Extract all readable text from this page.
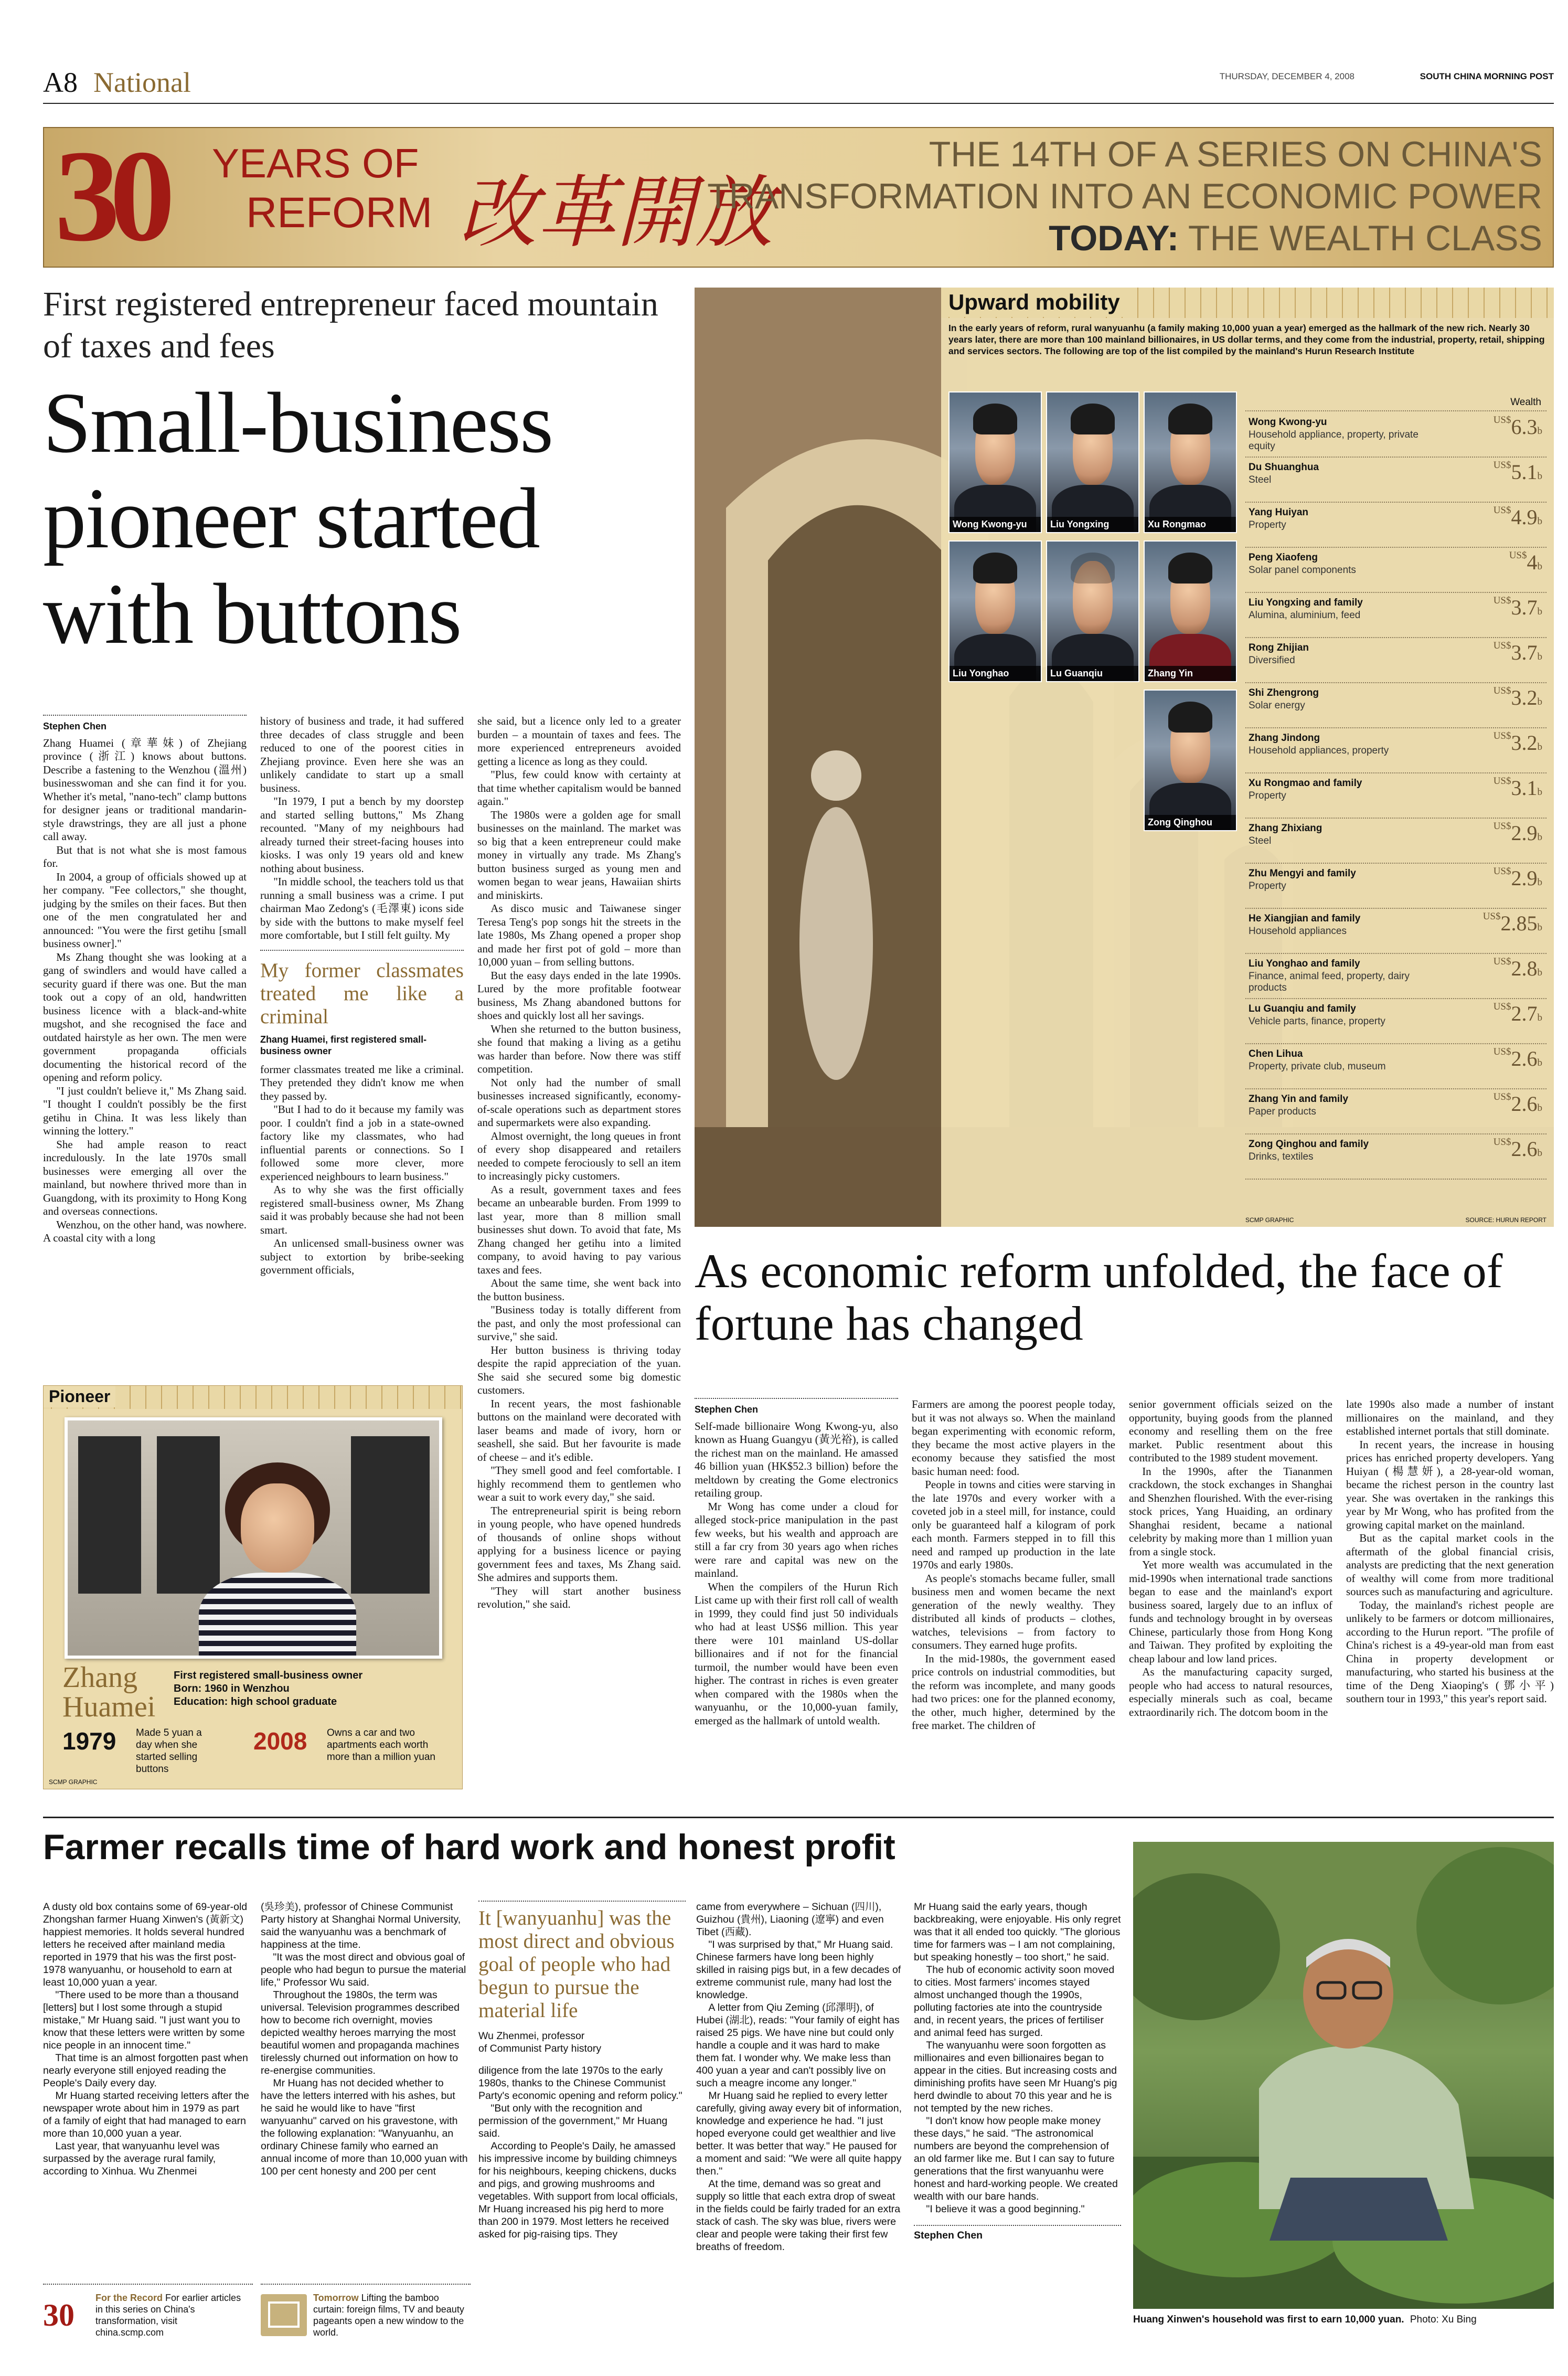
A8 National	THURSDAY, DECEMBER 4, 2008	SOUTH CHINA MORNING POST
30 YEARS OF
REFORM 改革開放
THE 14TH OF A SERIES ON CHINA'S
TRANSFORMATION INTO AN ECONOMIC POWER
TODAY: THE WEALTH CLASS
First registered entrepreneur faced mountain of taxes and fees
Small-business pioneer started with buttons
Stephen Chen

Zhang Huamei (章華妹) of Zhejiang province (浙江) knows about buttons. Describe a fastening to the Wenzhou (溫州) businesswoman and she can find it for you. Whether it's metal, "nano-tech" clamp buttons for designer jeans or traditional mandarin-style drawstrings, they are all just a phone call away.

But that is not what she is most famous for.

In 2004, a group of officials showed up at her company. "Fee collectors," she thought, judging by the smiles on their faces. But then one of the men congratulated her and announced: "You were the first getihu [small business owner]."

Ms Zhang thought she was looking at a gang of swindlers and would have called a security guard if there was one. But the man took out a copy of an old, handwritten business licence with a black-and-white mugshot, and she recognised the face and outdated hairstyle as her own. The men were government propaganda officials documenting the historical record of the opening and reform policy.

"I just couldn't believe it," Ms Zhang said. "I thought I couldn't possibly be the first getihu in China. It was less likely than winning the lottery."

She had ample reason to react incredulously. In the late 1970s small businesses were emerging all over the mainland, but nowhere thrived more than in Guangdong, with its proximity to Hong Kong and overseas connections.

Wenzhou, on the other hand, was nowhere. A coastal city with a long

history of business and trade, it had suffered three decades of class struggle and been reduced to one of the poorest cities in Zhejiang province. Even here she was an unlikely candidate to start up a small business.

"In 1979, I put a bench by my doorstep and started selling buttons," Ms Zhang recounted. "Many of my neighbours had already turned their street-facing houses into kiosks. I was only 19 years old and knew nothing about business.

"In middle school, the teachers told us that running a small business was a crime. I put chairman Mao Zedong's (毛澤東) icons side by side with the buttons to make myself feel more comfortable, but I still felt guilty. My

My former classmates treated me like a criminal
Zhang Huamei, first registered small-business owner

former classmates treated me like a criminal. They pretended they didn't know me when they passed by.

"But I had to do it because my family was poor. I couldn't find a job in a state-owned factory like my classmates, who had influential parents or connections. So I followed some more clever, more experienced neighbours to learn business."

As to why she was the first officially registered small-business owner, Ms Zhang said it was probably because she had not been smart.

An unlicensed small-business owner was subject to extortion by bribe-seeking government officials,

she said, but a licence only led to a greater burden – a mountain of taxes and fees. The more experienced entrepreneurs avoided getting a licence as long as they could.

"Plus, few could know with certainty at that time whether capitalism would be banned again."

The 1980s were a golden age for small businesses on the mainland. The market was so big that a keen entrepreneur could make money in virtually any trade. Ms Zhang's button business surged as young men and women began to wear jeans, Hawaiian shirts and miniskirts.

As disco music and Taiwanese singer Teresa Teng's pop songs hit the streets in the late 1980s, Ms Zhang opened a proper shop and made her first pot of gold – more than 10,000 yuan – from selling buttons.

But the easy days ended in the late 1990s. Lured by the more profitable footwear business, Ms Zhang abandoned buttons for shoes and quickly lost all her savings.

When she returned to the button business, she found that making a living as a getihu was harder than before. Now there was stiff competition.

Not only had the number of small businesses increased significantly, economy-of-scale operations such as department stores and supermarkets were also expanding.

Almost overnight, the long queues in front of every shop disappeared and retailers needed to compete ferociously to sell an item to increasingly picky customers.

As a result, government taxes and fees became an unbearable burden. From 1999 to last year, more than 8 million small businesses shut down. To avoid that fate, Ms Zhang changed her getihu into a limited company, to avoid having to pay various taxes and fees.

About the same time, she went back into the button business.

"Business today is totally different from the past, and only the most professional can survive," she said.

Her button business is thriving today despite the rapid appreciation of the yuan. She said she secured some big domestic customers.

In recent years, the most fashionable buttons on the mainland were decorated with laser beams and made of ivory, horn or seashell, she said. But her favourite is made of cheese – and it's edible.

"They smell good and feel comfortable. I highly recommend them to gentlemen who wear a suit to work every day," she said.

The entrepreneurial spirit is being reborn in young people, who have opened hundreds of thousands of online shops without applying for a business licence or paying government fees and taxes, Ms Zhang said. She admires and supports them.

"They will start another business revolution," she said.

Pioneer
Zhang
Huamei
First registered small-business owner
Born: 1960 in Wenzhou
Education: high school graduate
1979 Made 5 yuan a day when she started selling buttons
2008 Owns a car and two apartments each worth more than a million yuan
SCMP GRAPHIC
Upward mobility
In the early years of reform, rural wanyuanhu (a family making 10,000 yuan a year) emerged as the hallmark of the new rich. Nearly 30 years later, there are more than 100 mainland billionaires, in US dollar terms, and they come from the industrial, property, retail, shipping and services sectors. The following are top of the list compiled by the mainland's Hurun Research Institute
Wong Kwong-yu	Liu Yongxing	Xu Rongmao
Liu Yonghao	Lu Guanqiu	Zhang Yin
Zong Qinghou
Wealth
Wong Kwong-yu
Household appliance, property, private equity
$^{US\$}$6.3b
Du Shuanghua
Steel
$^{US\$}$5.1b
Yang Huiyan
Property
$^{US\$}$4.9b
Peng Xiaofeng
Solar panel components
$^{US\$}$4b
Liu Yongxing and family
Alumina, aluminium, feed
$^{US\$}$3.7b
Rong Zhijian
Diversified
$^{US\$}$3.7b
Shi Zhengrong
Solar energy
$^{US\$}$3.2b
Zhang Jindong
Household appliances, property
$^{US\$}$3.2b
Xu Rongmao and family
Property
$^{US\$}$3.1b
Zhang Zhixiang
Steel
$^{US\$}$2.9b
Zhu Mengyi and family
Property
$^{US\$}$2.9b
He Xiangjian and family
Household appliances
$^{US\$}$2.85b
Liu Yonghao and family
Finance, animal feed, property, dairy products
$^{US\$}$2.8b
Lu Guanqiu and family
Vehicle parts, finance, property
$^{US\$}$2.7b
Chen Lihua
Property, private club, museum
$^{US\$}$2.6b
Zhang Yin and family
Paper products
$^{US\$}$2.6b
Zong Qinghou and family
Drinks, textiles
$^{US\$}$2.6b
SCMP GRAPHIC	SOURCE: HURUN REPORT
As economic reform unfolded, the face of fortune has changed
Stephen Chen

Self-made billionaire Wong Kwong-yu, also known as Huang Guangyu (黃光裕), is called the richest man on the mainland. He amassed 46 billion yuan (HK$52.3 billion) before the meltdown by creating the Gome electronics retailing group.

Mr Wong has come under a cloud for alleged stock-price manipulation in the past few weeks, but his wealth and approach are still a far cry from 30 years ago when riches were rare and capital was new on the mainland.

When the compilers of the Hurun Rich List came up with their first roll call of wealth in 1999, they could find just 50 individuals who had at least US$6 million. This year there were 101 mainland US-dollar billionaires and if not for the financial turmoil, the number would have been even higher. The contrast in riches is even greater when compared with the 1980s when the wanyuanhu, or the 10,000-yuan family, emerged as the hallmark of untold wealth.

Farmers are among the poorest people today, but it was not always so. When the mainland began experimenting with economic reform, they became the most active players in the economy because they satisfied the most basic human need: food.

People in towns and cities were starving in the late 1970s and every worker with a coveted job in a steel mill, for instance, could only be guaranteed half a kilogram of pork each month. Farmers stepped in to fill this need and ramped up production in the late 1970s and early 1980s.

As people's stomachs became fuller, small business men and women became the next generation of the newly wealthy. They distributed all kinds of products – clothes, watches, televisions – from factory to consumers. They earned huge profits.

In the mid-1980s, the government eased price controls on industrial commodities, but the reform was incomplete, and many goods had two prices: one for the planned economy, the other, much higher, determined by the free market. The children of

senior government officials seized on the opportunity, buying goods from the planned economy and reselling them on the free market. Public resentment about this contributed to the 1989 student movement.

In the 1990s, after the Tiananmen crackdown, the stock exchanges in Shanghai and Shenzhen flourished. With the ever-rising stock prices, Yang Huaiding, an ordinary Shanghai resident, became a national celebrity by making more than 1 million yuan from a single stock.

Yet more wealth was accumulated in the mid-1990s when international trade sanctions began to ease and the mainland's export business soared, largely due to an influx of funds and technology brought in by overseas Chinese, particularly those from Hong Kong and Taiwan. They profited by exploiting the cheap labour and low land prices.

As the manufacturing capacity surged, people who had access to natural resources, especially minerals such as coal, became extraordinarily rich. The dotcom boom in the

late 1990s also made a number of instant millionaires on the mainland, and they established internet portals that still dominate.

In recent years, the increase in housing prices has enriched property developers. Yang Huiyan (楊慧妍), a 28-year-old woman, became the richest person in the country last year. She was overtaken in the rankings this year by Mr Wong, who has profited from the growing capital market on the mainland.

But as the capital market cools in the aftermath of the global financial crisis, analysts are predicting that the next generation of wealthy will come from more traditional sources such as manufacturing and agriculture.

Today, the mainland's richest people are unlikely to be farmers or dotcom millionaires, according to the Hurun report. "The profile of China's richest is a 49-year-old man from east China in property development or manufacturing, who started his business at the time of the Deng Xiaoping's (鄧小平) southern tour in 1993," this year's report said.

Farmer recalls time of hard work and honest profit

A dusty old box contains some of 69-year-old Zhongshan farmer Huang Xinwen's (黃新文) happiest memories. It holds several hundred letters he received after mainland media reported in 1979 that his was the first post-1978 wanyuanhu, or household to earn at least 10,000 yuan a year.

"There used to be more than a thousand [letters] but I lost some through a stupid mistake," Mr Huang said. "I just want you to know that these letters were written by some nice people in an innocent time."

That time is an almost forgotten past when nearly everyone still enjoyed reading the People's Daily every day.

Mr Huang started receiving letters after the newspaper wrote about him in 1979 as part of a family of eight that had managed to earn more than 10,000 yuan a year.

Last year, that wanyuanhu level was surpassed by the average rural family, according to Xinhua. Wu Zhenmei

(吳珍美), professor of Chinese Communist Party history at Shanghai Normal University, said the wanyuanhu was a benchmark of happiness at the time.

"It was the most direct and obvious goal of people who had begun to pursue the material life," Professor Wu said.

Throughout the 1980s, the term was universal. Television programmes described how to become rich overnight, movies depicted wealthy heroes marrying the most beautiful women and propaganda machines tirelessly churned out information on how to re-energise communities.

Mr Huang has not decided whether to have the letters interred with his ashes, but he said he would like to have "first wanyuanhu" carved on his gravestone, with the following explanation: "Wanyuanhu, an ordinary Chinese family who earned an annual income of more than 10,000 yuan with 100 per cent honesty and 200 per cent

It [wanyuanhu] was the most direct and obvious goal of people who had begun to pursue the material life
Wu Zhenmei, professor
of Communist Party history

diligence from the late 1970s to the early 1980s, thanks to the Chinese Communist Party's economic opening and reform policy."

"But only with the recognition and permission of the government," Mr Huang said.

According to People's Daily, he amassed his impressive income by building chimneys for his neighbours, keeping chickens, ducks and pigs, and growing mushrooms and vegetables. With support from local officials, Mr Huang increased his pig herd to more than 200 in 1979. Most letters he received asked for pig-raising tips. They

came from everywhere – Sichuan (四川), Guizhou (貴州), Liaoning (遼寧) and even Tibet (西藏).

"I was surprised by that," Mr Huang said. Chinese farmers have long been highly skilled in raising pigs but, in a few decades of extreme communist rule, many had lost the knowledge.

A letter from Qiu Zeming (邱澤明), of Hubei (湖北), reads: "Your family of eight has raised 25 pigs. We have nine but could only handle a couple and it was hard to make them fat. I wonder why. We make less than 400 yuan a year and can't possibly live on such a meagre income any longer."

Mr Huang said he replied to every letter carefully, giving away every bit of information, knowledge and experience he had. "I just hoped everyone could get wealthier and live better. It was better that way." He paused for a moment and said: "We were all quite happy then."

At the time, demand was so great and supply so little that each extra drop of sweat in the fields could be fairly traded for an extra stack of cash. The sky was blue, rivers were clear and people were taking their first few breaths of freedom.

Mr Huang said the early years, though backbreaking, were enjoyable. His only regret was that it all ended too quickly. "The glorious time for farmers was – I am not complaining, but speaking honestly – too short," he said.

The hub of economic activity soon moved to cities. Most farmers' incomes stayed almost unchanged though the 1990s, polluting factories ate into the countryside and, in recent years, the prices of fertiliser and animal feed has surged.

The wanyuanhu were soon forgotten as millionaires and even billionaires began to appear in the cities. But increasing costs and diminishing profits have seen Mr Huang's pig herd dwindle to about 70 this year and he is not tempted by the new riches.

"I don't know how people make money these days," he said. "The astronomical numbers are beyond the comprehension of an old farmer like me. But I can say to future generations that the first wanyuanhu were honest and hard-working people. We created wealth with our bare hands.

"I believe it was a good beginning."

Stephen Chen
Huang Xinwen's household was first to earn 10,000 yuan. Photo: Xu Bing
30	For the Record For earlier articles in this series on China's transformation, visit china.scmp.com
Tomorrow Lifting the bamboo curtain: foreign films, TV and beauty pageants open a new window to the world.
